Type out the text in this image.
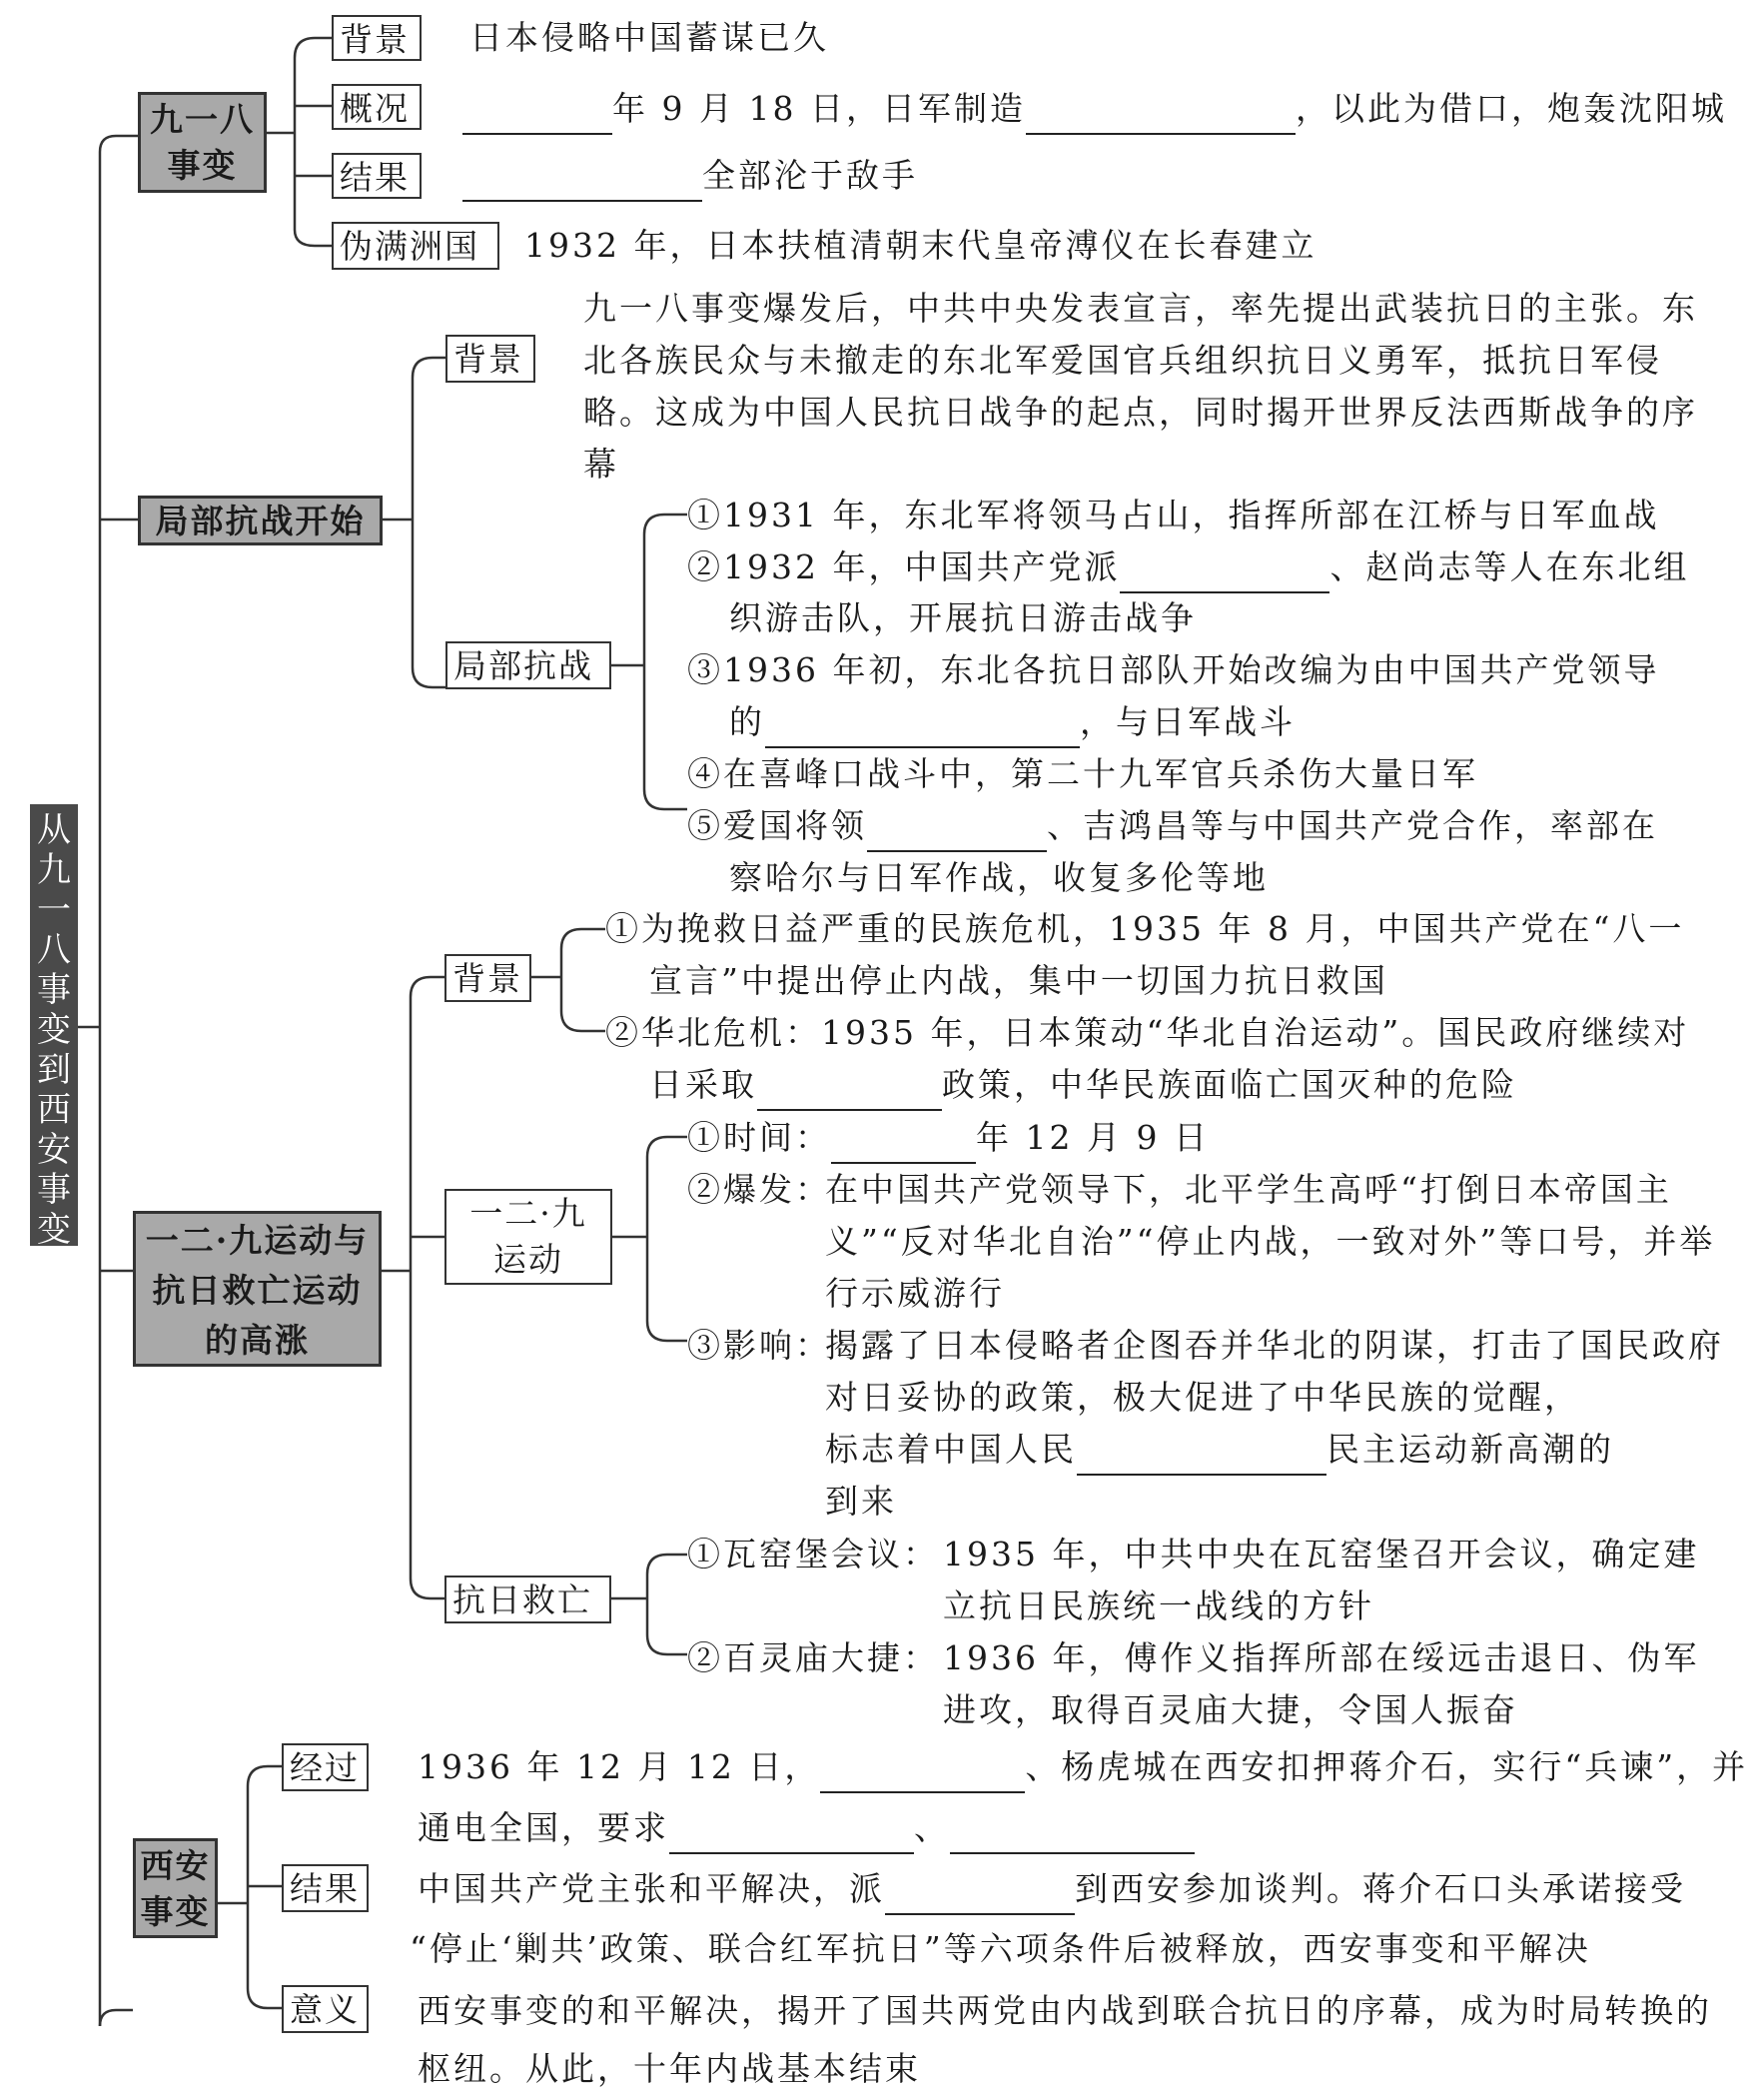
从九一八事变到西安事变
九一八事变
背景	日本侵略中国蓄谋已久
概况	年 9 月 18 日，日军制造	，以此为借口，炮轰沈阳城
结果	全部沦于敌手
伪满洲国	1932 年，日本扶植清朝末代皇帝溥仪在长春建立
局部抗战开始
背景
九一八事变爆发后，中共中央发表宣言，率先提出武装抗日的主张。东北各族民众与未撤走的东北军爱国官兵组织抗日义勇军，抵抗日军侵略。这成为中国人民抗日战争的起点，同时揭开世界反法西斯战争的序幕
局部抗战
①1931 年，东北军将领马占山，指挥所部在江桥与日军血战
②1932 年，中国共产党派	、赵尚志等人在东北组
织游击队，开展抗日游击战争
③1936 年初，东北各抗日部队开始改编为由中国共产党领导
的	，与日军战斗
④在喜峰口战斗中，第二十九军官兵杀伤大量日军
⑤爱国将领	、吉鸿昌等与中国共产党合作，率部在
察哈尔与日军作战，收复多伦等地
一二·九运动与抗日救亡运动的高涨
背景
①为挽救日益严重的民族危机，1935 年 8 月，中国共产党在“八一
宣言”中提出停止内战，集中一切国力抗日救国
②华北危机：1935 年，日本策动“华北自治运动”。国民政府继续对
日采取	政策，中华民族面临亡国灭种的危险
一二·九运动
①时间：	年 12 月 9 日
②爆发：
在中国共产党领导下，北平学生高呼“打倒日本帝国主义”“反对华北自治”“停止内战，一致对外”等口号，并举行示威游行
③影响：
揭露了日本侵略者企图吞并华北的阴谋，打击了国民政府对日妥协的政策，极大促进了中华民族的觉醒，
标志着中国人民	民主运动新高潮的
到来
抗日救亡
①瓦窑堡会议： 1935 年，中共中央在瓦窑堡召开会议，确定建立抗日民族统一战线的方针
②百灵庙大捷： 1936 年，傅作义指挥所部在绥远击退日、伪军进攻，取得百灵庙大捷，令国人振奋
西安事变
经过 1936 年 12 月 12 日，	、杨虎城在西安扣押蒋介石，实行“兵谏”，并
通电全国，要求	、
结果 中国共产党主张和平解决，派	到西安参加谈判。蒋介石口头承诺接受
“停止‘剿共’政策、联合红军抗日”等六项条件后被释放，西安事变和平解决
意义 西安事变的和平解决，揭开了国共两党由内战到联合抗日的序幕，成为时局转换的枢纽。从此，十年内战基本结束
